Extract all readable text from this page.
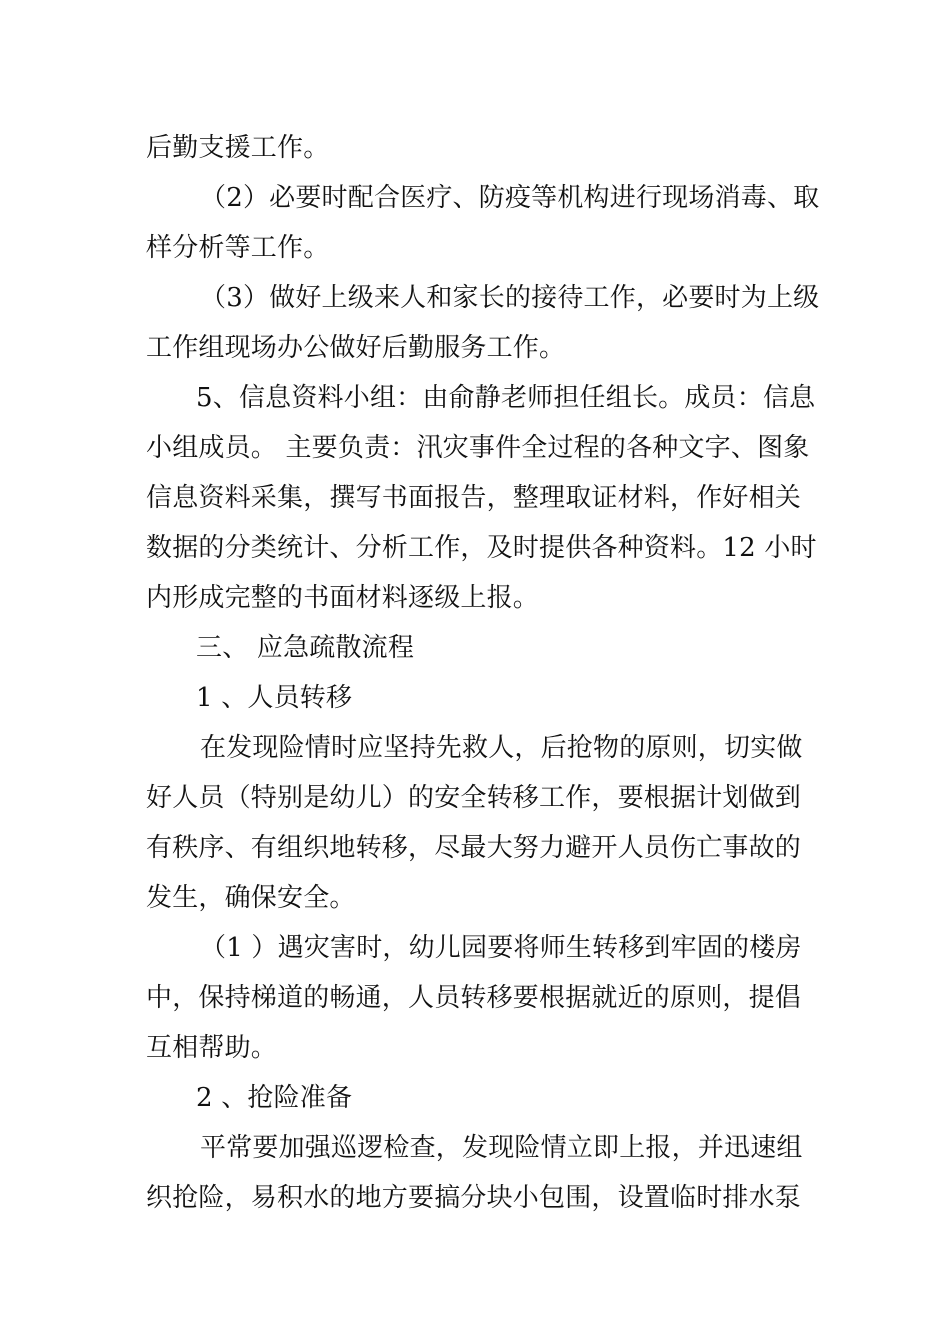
后勤支援工作。
（2）必要时配合医疗、防疫等机构进行现场消毒、取
样分析等工作。
（3）做好上级来人和家长的接待工作，必要时为上级
工作组现场办公做好后勤服务工作。
5、信息资料小组：由俞静老师担任组长。成员：信息
小组成员。 主要负责：汛灾事件全过程的各种文字、图象
信息资料采集，撰写书面报告，整理取证材料，作好相关
数据的分类统计、分析工作，及时提供各种资料。12 小时
内形成完整的书面材料逐级上报。
三、 应急疏散流程
1 、人员转移
在发现险情时应坚持先救人，后抢物的原则，切实做
好人员（特别是幼儿）的安全转移工作，要根据计划做到
有秩序、有组织地转移，尽最大努力避开人员伤亡事故的
发生，确保安全。
（1 ）遇灾害时，幼儿园要将师生转移到牢固的楼房
中，保持梯道的畅通，人员转移要根据就近的原则，提倡
互相帮助。
2 、抢险准备
平常要加强巡逻检查，发现险情立即上报，并迅速组
织抢险，易积水的地方要搞分块小包围，设置临时排水泵
